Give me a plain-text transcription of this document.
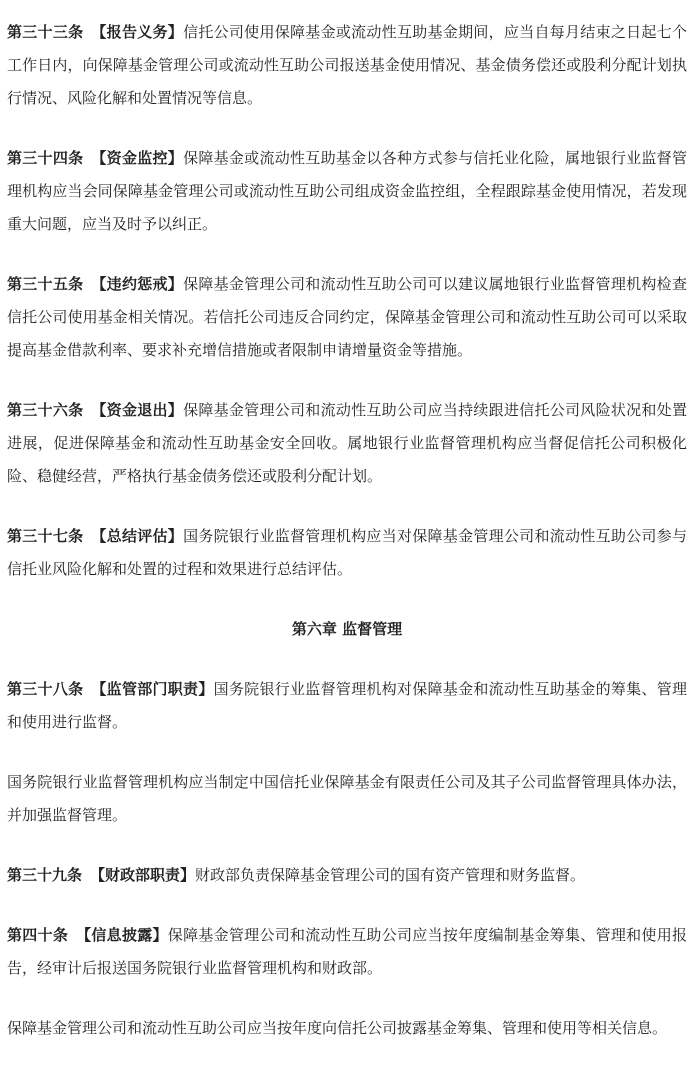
第三十三条 【报告义务】信托公司使用保障基金或流动性互助基金期间，应当自每月结束之日起七个工作日内，向保障基金管理公司或流动性互助公司报送基金使用情况、基金债务偿还或股利分配计划执行情况、风险化解和处置情况等信息。

第三十四条 【资金监控】保障基金或流动性互助基金以各种方式参与信托业化险，属地银行业监督管理机构应当会同保障基金管理公司或流动性互助公司组成资金监控组，全程跟踪基金使用情况，若发现重大问题，应当及时予以纠正。

第三十五条 【违约惩戒】保障基金管理公司和流动性互助公司可以建议属地银行业监督管理机构检查信托公司使用基金相关情况。若信托公司违反合同约定，保障基金管理公司和流动性互助公司可以采取提高基金借款利率、要求补充增信措施或者限制申请增量资金等措施。

第三十六条 【资金退出】保障基金管理公司和流动性互助公司应当持续跟进信托公司风险状况和处置进展，促进保障基金和流动性互助基金安全回收。属地银行业监督管理机构应当督促信托公司积极化险、稳健经营，严格执行基金债务偿还或股利分配计划。

第三十七条 【总结评估】国务院银行业监督管理机构应当对保障基金管理公司和流动性互助公司参与信托业风险化解和处置的过程和效果进行总结评估。

第六章 监督管理

第三十八条 【监管部门职责】国务院银行业监督管理机构对保障基金和流动性互助基金的筹集、管理和使用进行监督。

国务院银行业监督管理机构应当制定中国信托业保障基金有限责任公司及其子公司监督管理具体办法，并加强监督管理。

第三十九条 【财政部职责】财政部负责保障基金管理公司的国有资产管理和财务监督。

第四十条 【信息披露】保障基金管理公司和流动性互助公司应当按年度编制基金筹集、管理和使用报告，经审计后报送国务院银行业监督管理机构和财政部。

保障基金管理公司和流动性互助公司应当按年度向信托公司披露基金筹集、管理和使用等相关信息。
